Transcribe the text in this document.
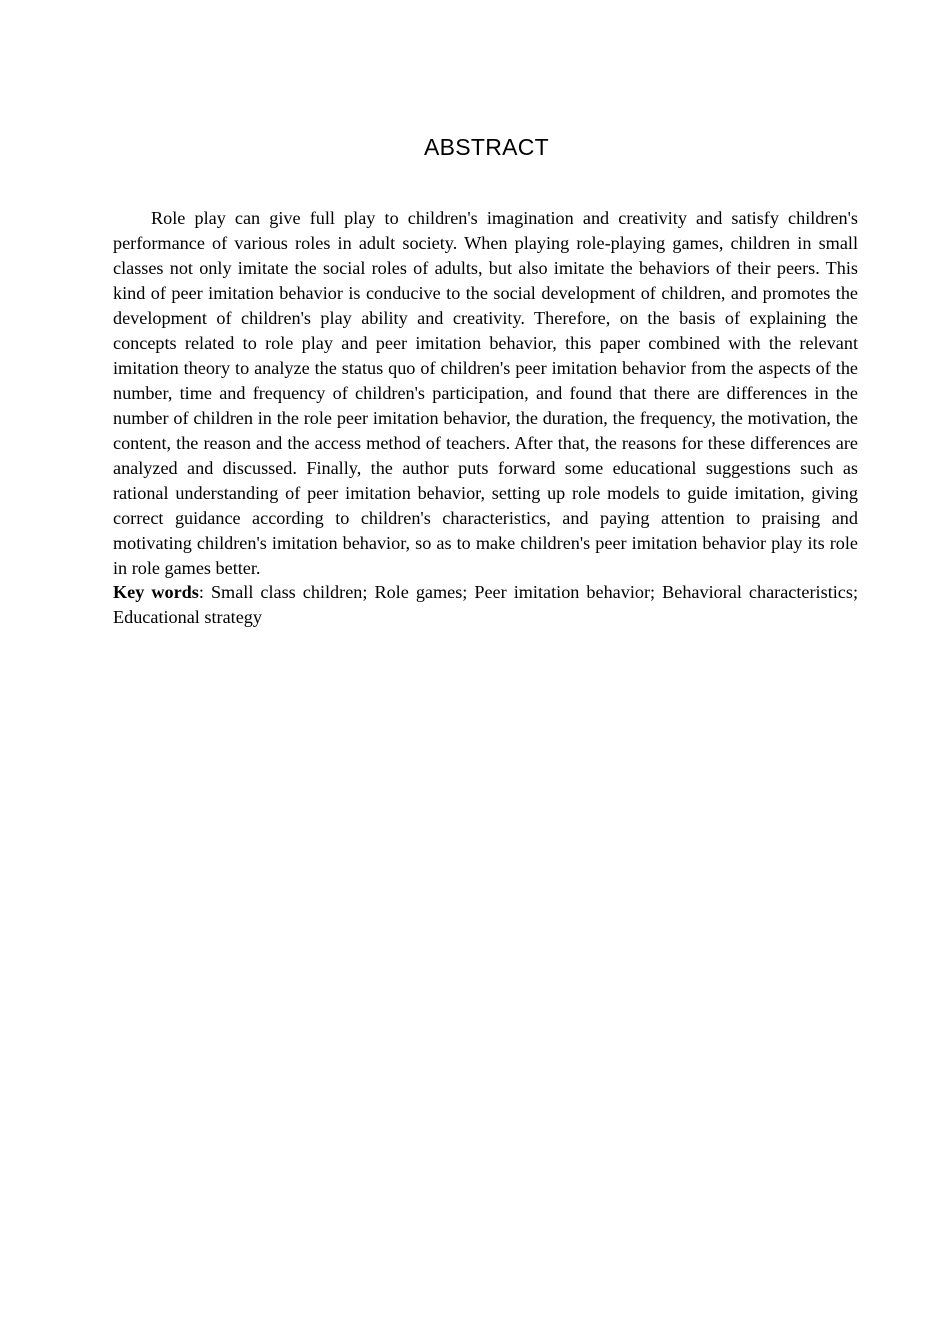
ABSTRACT

Role play can give full play to children's imagination and creativity and satisfy children's performance of various roles in adult society. When playing role-playing games, children in small classes not only imitate the social roles of adults, but also imitate the behaviors of their peers. This kind of peer imitation behavior is conducive to the social development of children, and promotes the development of children's play ability and creativity. Therefore, on the basis of explaining the concepts related to role play and peer imitation behavior, this paper combined with the relevant imitation theory to analyze the status quo of children's peer imitation behavior from the aspects of the number, time and frequency of children's participation, and found that there are differences in the number of children in the role peer imitation behavior, the duration, the frequency, the motivation, the content, the reason and the access method of teachers. After that, the reasons for these differences are analyzed and discussed. Finally, the author puts forward some educational suggestions such as rational understanding of peer imitation behavior, setting up role models to guide imitation, giving correct guidance according to children's characteristics, and paying attention to praising and motivating children's imitation behavior, so as to make children's peer imitation behavior play its role in role games better.

Key words: Small class children; Role games; Peer imitation behavior; Behavioral characteristics; Educational strategy
